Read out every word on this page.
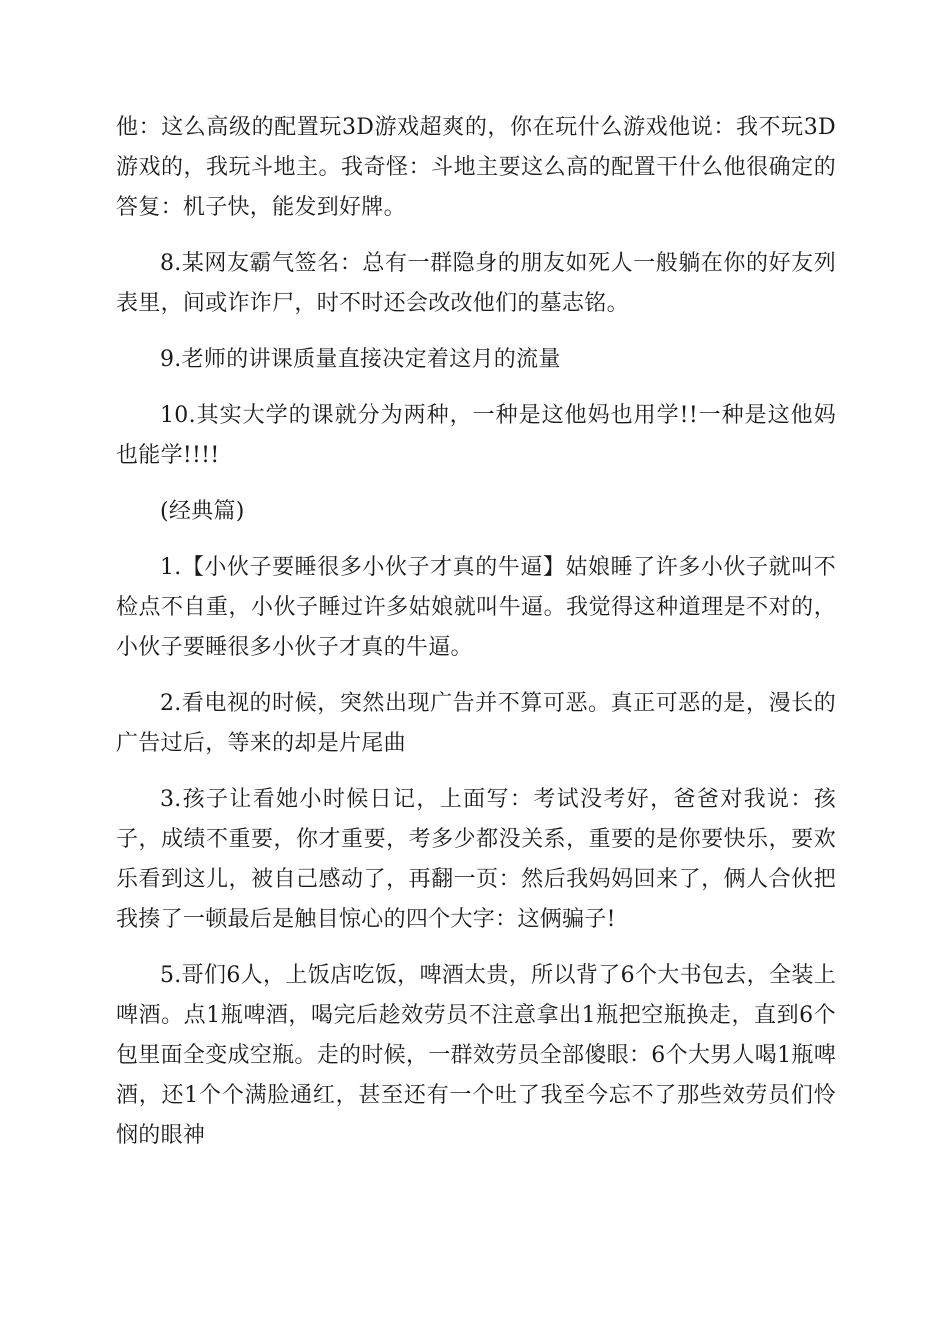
他：这么高级的配置玩3D游戏超爽的，你在玩什么游戏他说：我不玩3D游戏的，我玩斗地主。我奇怪：斗地主要这么高的配置干什么他很确定的答复：机子快，能发到好牌。

8.某网友霸气签名：总有一群隐身的朋友如死人一般躺在你的好友列表里，间或诈诈尸，时不时还会改改他们的墓志铭。

9.老师的讲课质量直接决定着这月的流量

10.其实大学的课就分为两种，一种是这他妈也用学!!一种是这他妈也能学!!!!

(经典篇)

1.【小伙子要睡很多小伙子才真的牛逼】姑娘睡了许多小伙子就叫不检点不自重，小伙子睡过许多姑娘就叫牛逼。我觉得这种道理是不对的，小伙子要睡很多小伙子才真的牛逼。

2.看电视的时候，突然出现广告并不算可恶。真正可恶的是，漫长的广告过后，等来的却是片尾曲

3.孩子让看她小时候日记，上面写：考试没考好，爸爸对我说：孩子，成绩不重要，你才重要，考多少都没关系，重要的是你要快乐，要欢乐看到这儿，被自己感动了，再翻一页：然后我妈妈回来了，俩人合伙把我揍了一顿最后是触目惊心的四个大字：这俩骗子!

5.哥们6人，上饭店吃饭，啤酒太贵，所以背了6个大书包去，全装上啤酒。点1瓶啤酒，喝完后趁效劳员不注意拿出1瓶把空瓶换走，直到6个包里面全变成空瓶。走的时候，一群效劳员全部傻眼：6个大男人喝1瓶啤酒，还1个个满脸通红，甚至还有一个吐了我至今忘不了那些效劳员们怜悯的眼神
